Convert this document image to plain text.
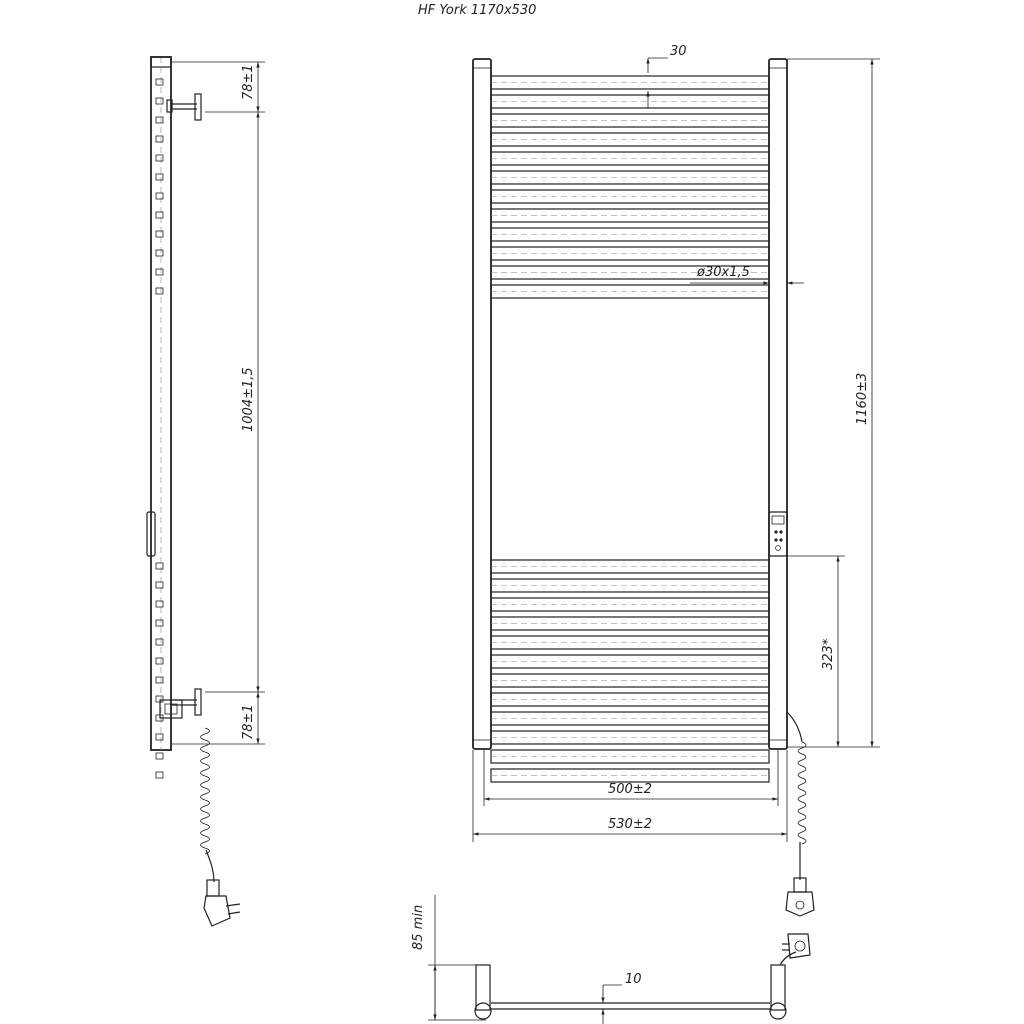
HF York 1170x530
78±1
1004±1,5
78±1
30
ø30x1,5
1160±3
323*
500±2
530±2
85 min
10
